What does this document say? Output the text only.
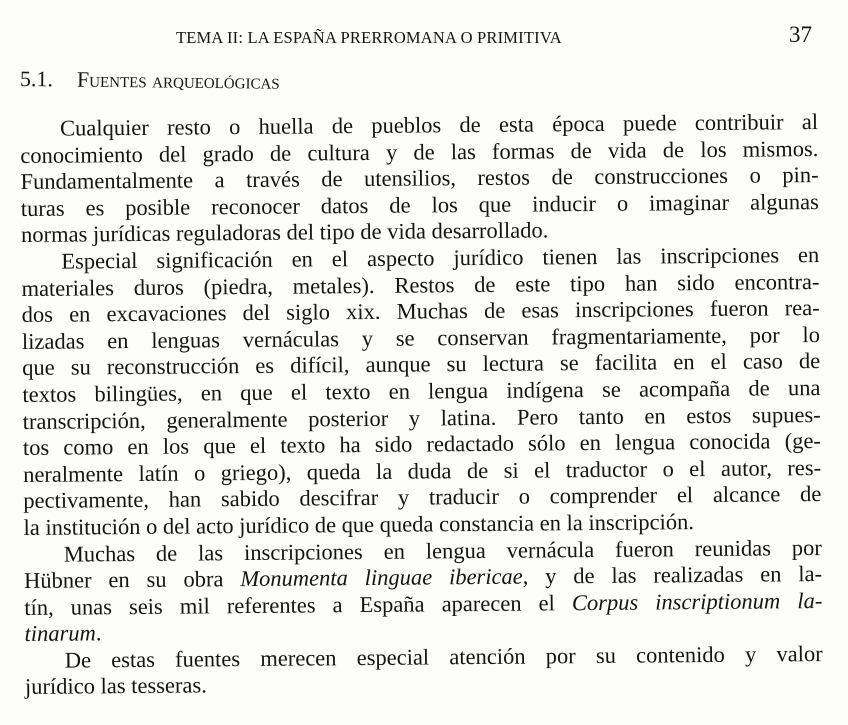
TEMA II: LA ESPAÑA PRERROMANA O PRIMITIVA	37
5.1. Fuentes arqueológicas
Cualquier resto o huella de pueblos de esta época puede contribuir al
conocimiento del grado de cultura y de las formas de vida de los mismos.
Fundamentalmente a través de utensilios, restos de construcciones o pin-
turas es posible reconocer datos de los que inducir o imaginar algunas
normas jurídicas reguladoras del tipo de vida desarrollado.
Especial significación en el aspecto jurídico tienen las inscripciones en
materiales duros (piedra, metales). Restos de este tipo han sido encontra-
dos en excavaciones del siglo xix. Muchas de esas inscripciones fueron rea-
lizadas en lenguas vernáculas y se conservan fragmentariamente, por lo
que su reconstrucción es difícil, aunque su lectura se facilita en el caso de
textos bilingües, en que el texto en lengua indígena se acompaña de una
transcripción, generalmente posterior y latina. Pero tanto en estos supues-
tos como en los que el texto ha sido redactado sólo en lengua conocida (ge-
neralmente latín o griego), queda la duda de si el traductor o el autor, res-
pectivamente, han sabido descifrar y traducir o comprender el alcance de
la institución o del acto jurídico de que queda constancia en la inscripción.
Muchas de las inscripciones en lengua vernácula fueron reunidas por
Hübner en su obra Monumenta linguae ibericae, y de las realizadas en la-
tín, unas seis mil referentes a España aparecen el Corpus inscriptionum la-
tinarum.
De estas fuentes merecen especial atención por su contenido y valor
jurídico las tesseras.
